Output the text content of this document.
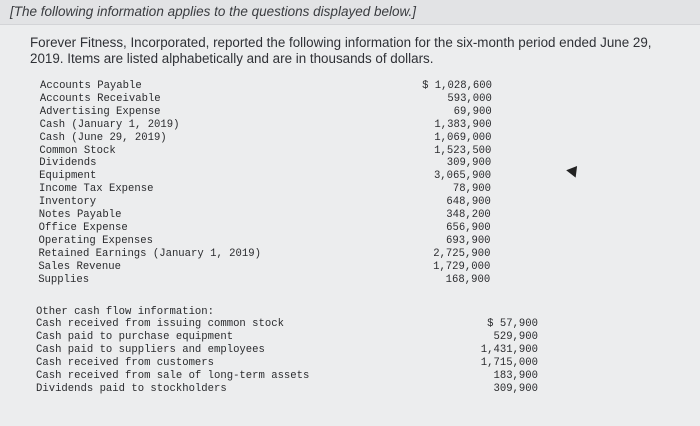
[The following information applies to the questions displayed below.]
Forever Fitness, Incorporated, reported the following information for the six-month period ended June 29, 2019. Items are listed alphabetically and are in thousands of dollars.
Accounts Payable	$ 1,028,600
Accounts Receivable	593,000
Advertising Expense	69,900
Cash (January 1, 2019)	1,383,900
Cash (June 29, 2019)	1,069,000
Common Stock	1,523,500
Dividends	309,900
Equipment	3,065,900
Income Tax Expense	78,900
Inventory	648,900
Notes Payable	348,200
Office Expense	656,900
Operating Expenses	693,900
Retained Earnings (January 1, 2019)	2,725,900
Sales Revenue	1,729,000
Supplies	168,900
Other cash flow information:
Cash received from issuing common stock	$ 57,900
Cash paid to purchase equipment	529,900
Cash paid to suppliers and employees	1,431,900
Cash received from customers	1,715,000
Cash received from sale of long-term assets	183,900
Dividends paid to stockholders	309,900
